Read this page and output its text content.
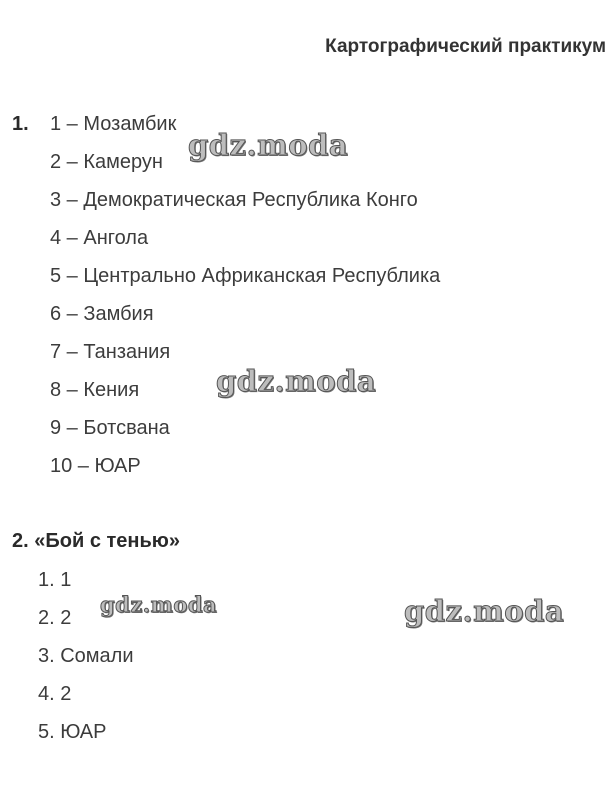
Картографический практикум
1. 1 – Мозамбик
2 – Камерун
3 – Демократическая Республика Конго
4 – Ангола
5 – Центрально Африканская Республика
6 – Замбия
7 – Танзания
8 – Кения
9 – Ботсвана
10 – ЮАР
2. «Бой с тенью»
1. 1
2. 2
3. Сомали
4. 2
5. ЮАР
gdz.moda
gdz.moda
gdz.moda	gdz.moda
